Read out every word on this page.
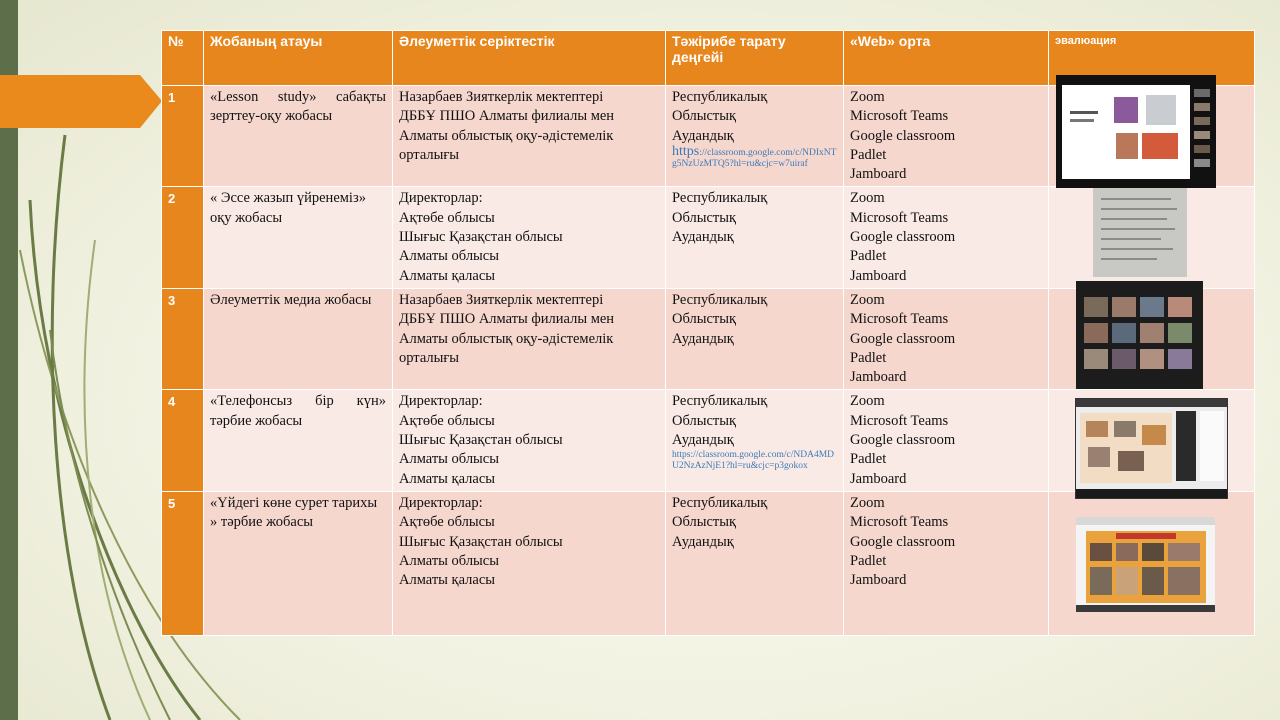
№	Жобаның атауы	Әлеуметтік серіктестік	Тәжірибе тарату деңгейі	«Web» орта	эвалюация
1	«Lesson study» сабақты зерттеу-оқу жобасы	Назарбаев Зияткерлік мектептері
ДББҰ ПШО Алматы филиалы мен
Алматы облыстық оқу-әдістемелік орталығы	Республикалық
Облыстық
Аудандық
https://classroom.google.com/c/NDIxNTg5NzUzMTQ5?hl=ru&cjc=w7uiraf	Zoom
Microsoft Teams
Google classroom
Padlet
Jamboard	

2	« Эссе жазып үйренеміз» оқу жобасы	Директорлар:
Ақтөбе облысы
Шығыс Қазақстан облысы
Алматы облысы
Алматы қаласы	Республикалық
Облыстық
Аудандық	Zoom
Microsoft Teams
Google classroom
Padlet
Jamboard	

3	Әлеуметтік медиа жобасы	Назарбаев Зияткерлік мектептері
ДББҰ ПШО Алматы филиалы мен
Алматы облыстық оқу-әдістемелік орталығы	Республикалық
Облыстық
Аудандық	Zoom
Microsoft Teams
Google classroom
Padlet
Jamboard	

4	«Телефонсыз бір күн» тәрбие жобасы	Директорлар:
Ақтөбе облысы
Шығыс Қазақстан облысы
Алматы облысы
Алматы қаласы	Республикалық
Облыстық
Аудандық
https://classroom.google.com/c/NDA4MDU2NzAzNjE1?hl=ru&cjc=p3gokox	Zoom
Microsoft Teams
Google classroom
Padlet
Jamboard	

5	«Үйдегі көне сурет тарихы » тәрбие жобасы	Директорлар:
Ақтөбе облысы
Шығыс Қазақстан облысы
Алматы облысы
Алматы қаласы	Республикалық
Облыстық
Аудандық	Zoom
Microsoft Teams
Google classroom
Padlet
Jamboard	
